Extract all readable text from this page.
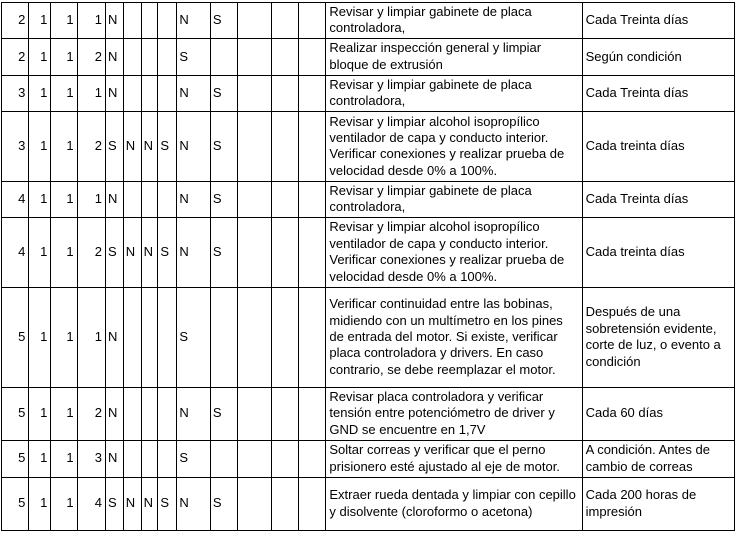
2	1	1	1	N				N	S				Revisar y limpiar gabinete de placa controladora,	Cada Treinta días
2	1	1	2	N				S					Realizar inspección general y limpiar bloque de extrusión	Según condición
3	1	1	1	N				N	S				Revisar y limpiar gabinete de placa controladora,	Cada Treinta días
3	1	1	2	S	N	N	S	N	S				Revisar y limpiar alcohol isopropílico ventilador de capa y conducto interior. Verificar conexiones y realizar prueba de velocidad desde 0% a 100%.	Cada treinta días
4	1	1	1	N				N	S				Revisar y limpiar gabinete de placa controladora,	Cada Treinta días
4	1	1	2	S	N	N	S	N	S				Revisar y limpiar alcohol isopropílico ventilador de capa y conducto interior. Verificar conexiones y realizar prueba de velocidad desde 0% a 100%.	Cada treinta días
5	1	1	1	N				S					Verificar continuidad entre las bobinas, midiendo con un multímetro en los pines de entrada del motor. Si existe, verificar placa controladora y drivers. En caso contrario, se debe reemplazar el motor.	Después de una sobretensión evidente, corte de luz, o evento a condición
5	1	1	2	N				N	S				Revisar placa controladora y verificar tensión entre potenciómetro de driver y GND se encuentre en 1,7V	Cada 60 días
5	1	1	3	N				S					Soltar correas y verificar que el perno prisionero esté ajustado al eje de motor.	A condición. Antes de cambio de correas
5	1	1	4	S	N	N	S	N	S				Extraer rueda dentada y limpiar con cepillo y disolvente (cloroformo o acetona)	Cada 200 horas de impresión
